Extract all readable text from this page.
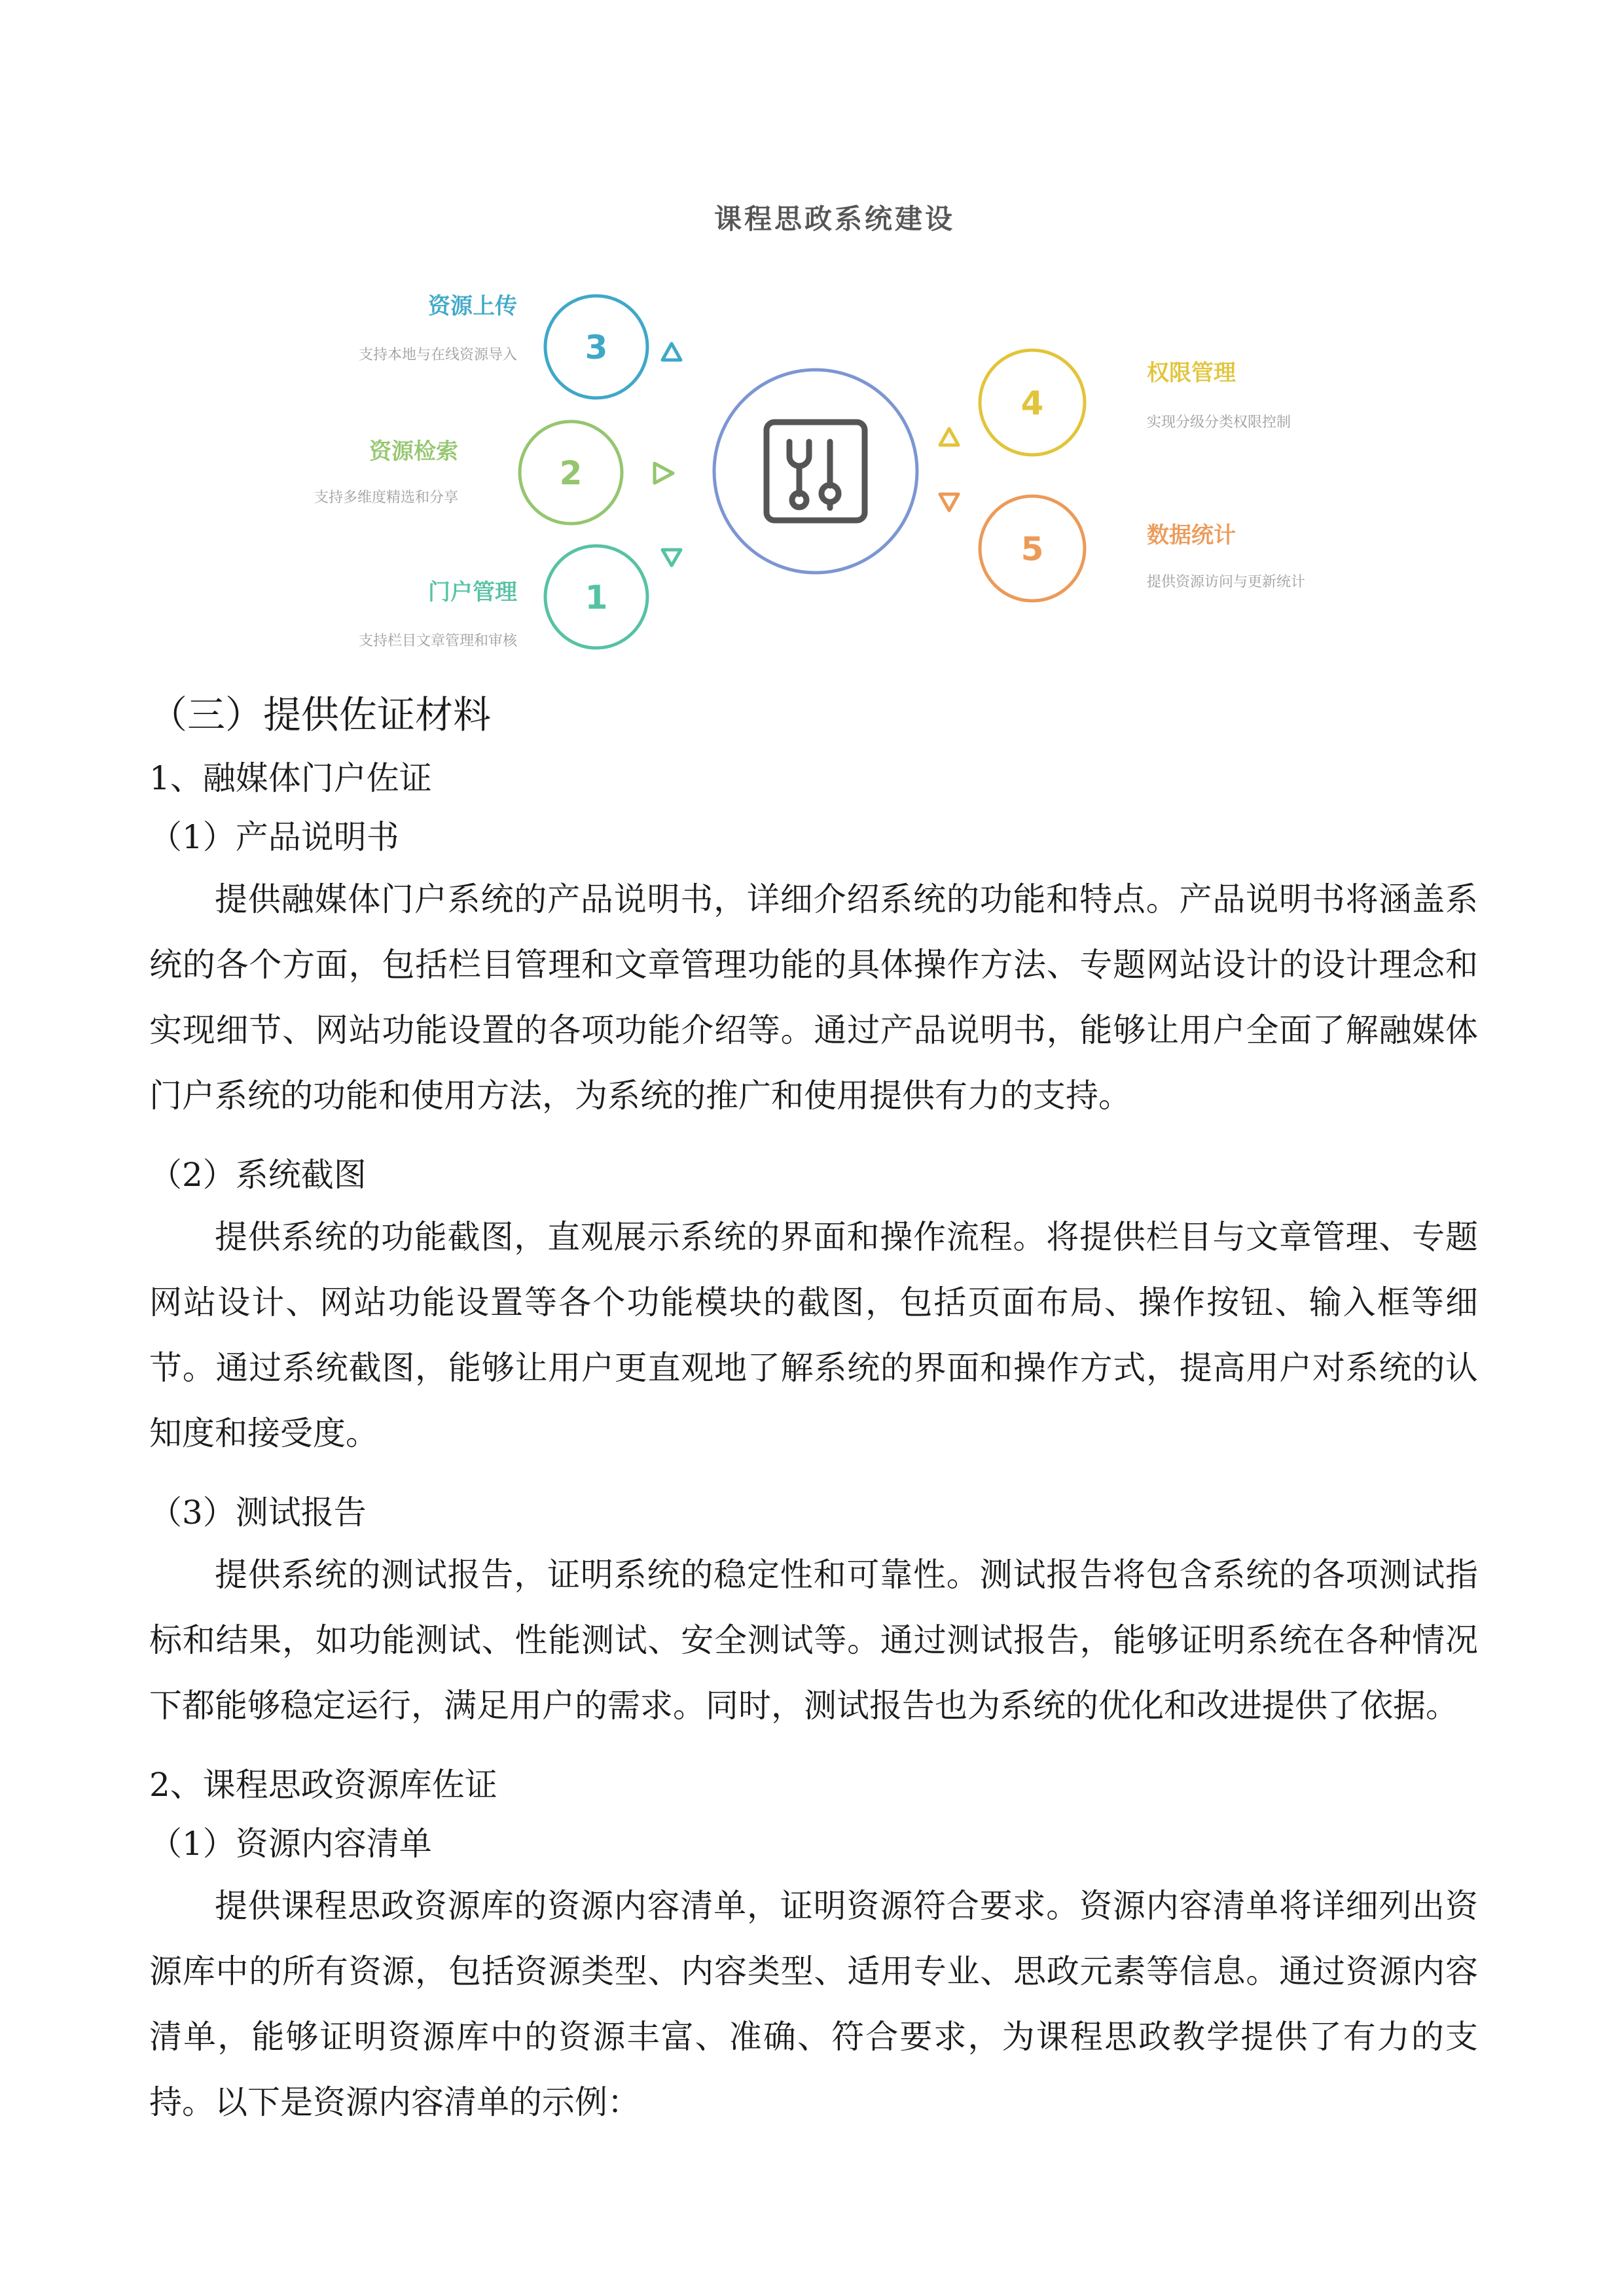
课程思政系统建设
3
2
1
4
5
资源上传
支持本地与在线资源导入
资源检索
支持多维度精选和分享
门户管理
支持栏目文章管理和审核
权限管理
实现分级分类权限控制
数据统计
提供资源访问与更新统计

（三）提供佐证材料

1、融媒体门户佐证

（1）产品说明书

提供融媒体门户系统的产品说明书，详细介绍系统的功能和特点。产品说明书将涵盖系统的各个方面，包括栏目管理和文章管理功能的具体操作方法、专题网站设计的设计理念和实现细节、网站功能设置的各项功能介绍等。通过产品说明书，能够让用户全面了解融媒体门户系统的功能和使用方法，为系统的推广和使用提供有力的支持。

（2）系统截图

提供系统的功能截图，直观展示系统的界面和操作流程。将提供栏目与文章管理、专题网站设计、网站功能设置等各个功能模块的截图，包括页面布局、操作按钮、输入框等细节。通过系统截图，能够让用户更直观地了解系统的界面和操作方式，提高用户对系统的认知度和接受度。

（3）测试报告

提供系统的测试报告，证明系统的稳定性和可靠性。测试报告将包含系统的各项测试指标和结果，如功能测试、性能测试、安全测试等。通过测试报告，能够证明系统在各种情况下都能够稳定运行，满足用户的需求。同时，测试报告也为系统的优化和改进提供了依据。

2、课程思政资源库佐证

（1）资源内容清单

提供课程思政资源库的资源内容清单，证明资源符合要求。资源内容清单将详细列出资源库中的所有资源，包括资源类型、内容类型、适用专业、思政元素等信息。通过资源内容清单，能够证明资源库中的资源丰富、准确、符合要求，为课程思政教学提供了有力的支持。以下是资源内容清单的示例：
